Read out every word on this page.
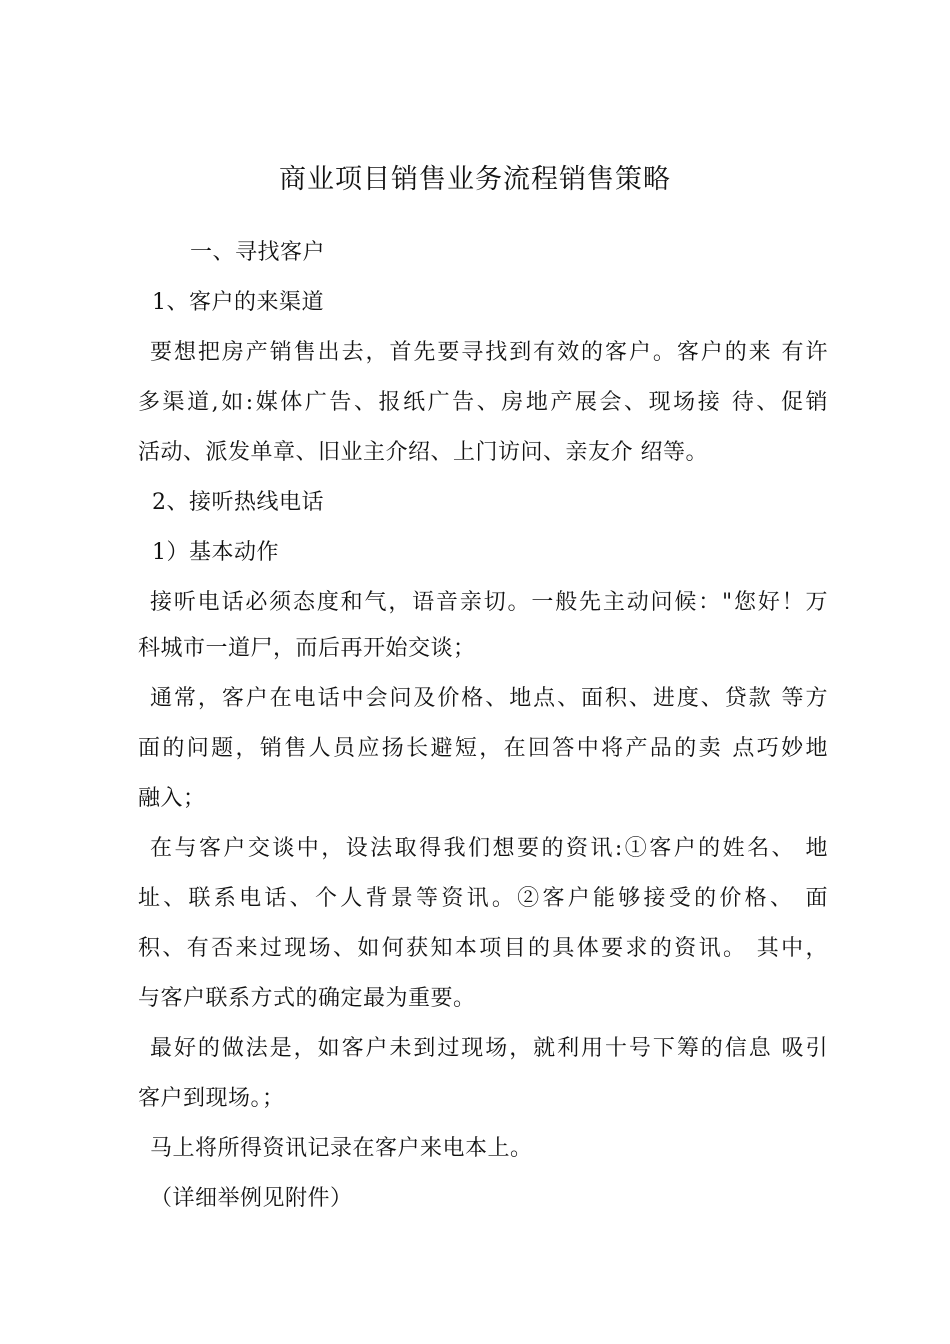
商业项目销售业务流程销售策略
一、寻找客户
1、客户的来渠道
要想把房产销售出去，首先要寻找到有效的客户。客户的来 有许
多渠道,如:媒体广告、报纸广告、房地产展会、现场接 待、促销
活动、派发单章、旧业主介绍、上门访问、亲友介 绍等。
2、接听热线电话
1）基本动作
接听电话必须态度和气，语音亲切。一般先主动问候："您好！万
科城市一道尸，而后再开始交谈；
通常，客户在电话中会问及价格、地点、面积、进度、贷款 等方
面的问题，销售人员应扬长避短，在回答中将产品的卖 点巧妙地
融入；
在与客户交谈中，设法取得我们想要的资讯:①客户的姓名、 地
址、联系电话、个人背景等资讯。②客户能够接受的价格、 面
积、有否来过现场、如何获知本项目的具体要求的资讯。 其中，
与客户联系方式的确定最为重要。
最好的做法是，如客户未到过现场，就利用十号下筹的信息 吸引
客户到现场。；
马上将所得资讯记录在客户来电本上。
（详细举例见附件）
